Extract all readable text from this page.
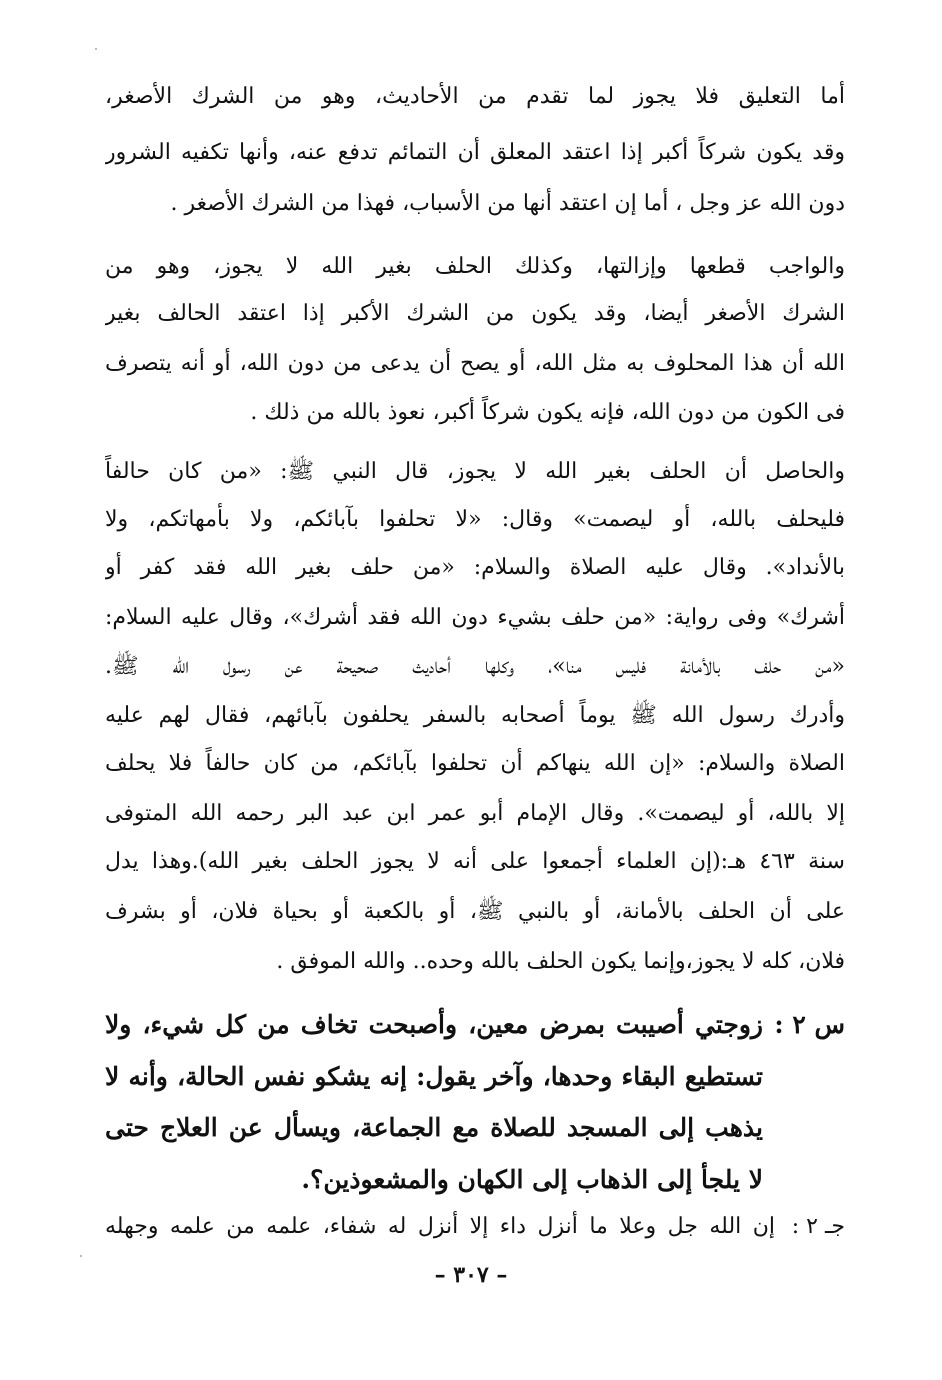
أما التعليق فلا يجوز لما تقدم من الأحاديث، وهو من الشرك الأصغر،
وقد يكون شركاً أكبر إذا اعتقد المعلق أن التمائم تدفع عنه، وأنها تكفيه الشرور
دون الله عز وجل ، أما إن اعتقد أنها من الأسباب، فهذا من الشرك الأصغر .
والواجب قطعها وإزالتها، وكذلك الحلف بغير الله لا يجوز، وهو من
الشرك الأصغر أيضا، وقد يكون من الشرك الأكبر إذا اعتقد الحالف بغير
الله أن هذا المحلوف به مثل الله، أو يصح أن يدعى من دون الله، أو أنه يتصرف
فى الكون من دون الله، فإنه يكون شركاً أكبر، نعوذ بالله من ذلك .
والحاصل أن الحلف بغير الله لا يجوز، قال النبي ﷺ: «من كان حالفاً
فليحلف بالله، أو ليصمت» وقال: «لا تحلفوا بآبائكم، ولا بأمهاتكم، ولا
بالأنداد». وقال عليه الصلاة والسلام: «من حلف بغير الله فقد كفر أو
أشرك» وفى رواية: «من حلف بشيء دون الله فقد أشرك»، وقال عليه السلام:
«من حلف بالأمانة فليس منا»، وكلها أحاديث صحيحة عن رسول الله ﷺ.
وأدرك رسول الله ﷺ يوماً أصحابه بالسفر يحلفون بآبائهم، فقال لهم عليه
الصلاة والسلام: «إن الله ينهاكم أن تحلفوا بآبائكم، من كان حالفاً فلا يحلف
إلا بالله، أو ليصمت». وقال الإمام أبو عمر ابن عبد البر رحمه الله المتوفى
سنة ٤٦٣ هـ:(إن العلماء أجمعوا على أنه لا يجوز الحلف بغير الله).وهذا يدل
على أن الحلف بالأمانة، أو بالنبي ﷺ، أو بالكعبة أو بحياة فلان، أو بشرف
فلان، كله لا يجوز،وإنما يكون الحلف بالله وحده.. والله الموفق .
س ٢ :
زوجتي أصيبت بمرض معين، وأصبحت تخاف من كل شيء، ولا
تستطيع البقاء وحدها، وآخر يقول: إنه يشكو نفس الحالة، وأنه لا
يذهب إلى المسجد للصلاة مع الجماعة، ويسأل عن العلاج حتى
لا يلجأ إلى الذهاب إلى الكهان والمشعوذين؟.
جـ ٢ :
إن الله جل وعلا ما أنزل داء إلا أنزل له شفاء، علمه من علمه وجهله
– ٣٠٧ –
